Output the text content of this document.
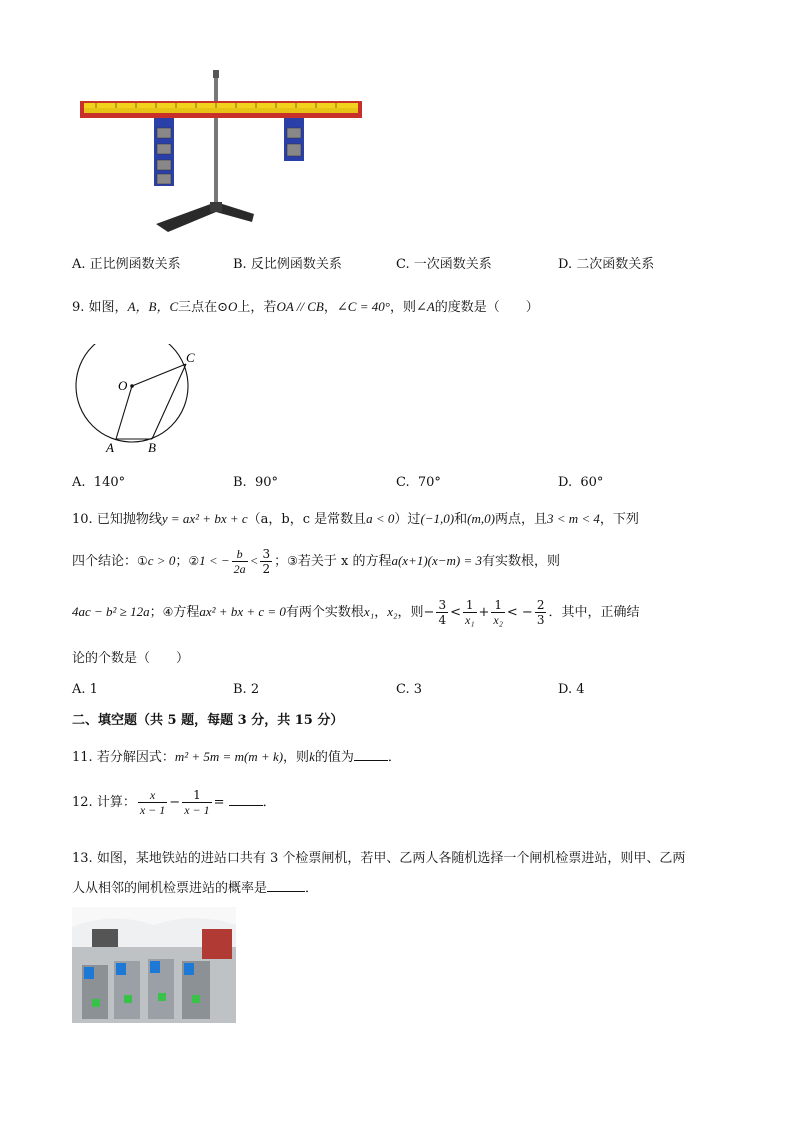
A. 正比例函数关系	B. 反比例函数关系	C. 一次函数关系	D. 二次函数关系
9. 如图，A，B，C三点在⊙O上，若OA // CB，∠C = 40°，则∠A的度数是（　　）
O
C
A	B
A. 140°	B. 90°	C. 70°	D. 60°
10. 已知抛物线y = ax² + bx + c（a，b，c 是常数且a < 0）过(−1,0)和(m,0)两点，且3 < m < 4，下列
四个结论：①c > 0；②1 < − $\frac{b}{2a} < \frac{3}{2}$ ；③若关于 x 的方程a(x+1)(x−m) = 3有实数根，则
4ac − b² ≥ 12a；④方程ax² + bx + c = 0有两个实数根x₁，x₂，则− $\frac{3}{4} < \frac{1}{\text{x₁}} + \frac{1}{\text{x₂}}$ < − $\frac{2}{3}$ ．其中，正确结
论的个数是（　　）
A. 1	B. 2	C. 3	D. 4
二、填空题（共 5 题，每题 3 分，共 15 分）
11. 若分解因式：m² + 5m = m(m + k)，则k的值为	．
12. 计算： $\frac{x}{x - 1} - \frac{1}{x - 1}$ =	．
13. 如图，某地铁站的进站口共有 3 个检票闸机，若甲、乙两人各随机选择一个闸机检票进站，则甲、乙两
人从相邻的闸机检票进站的概率是	．
